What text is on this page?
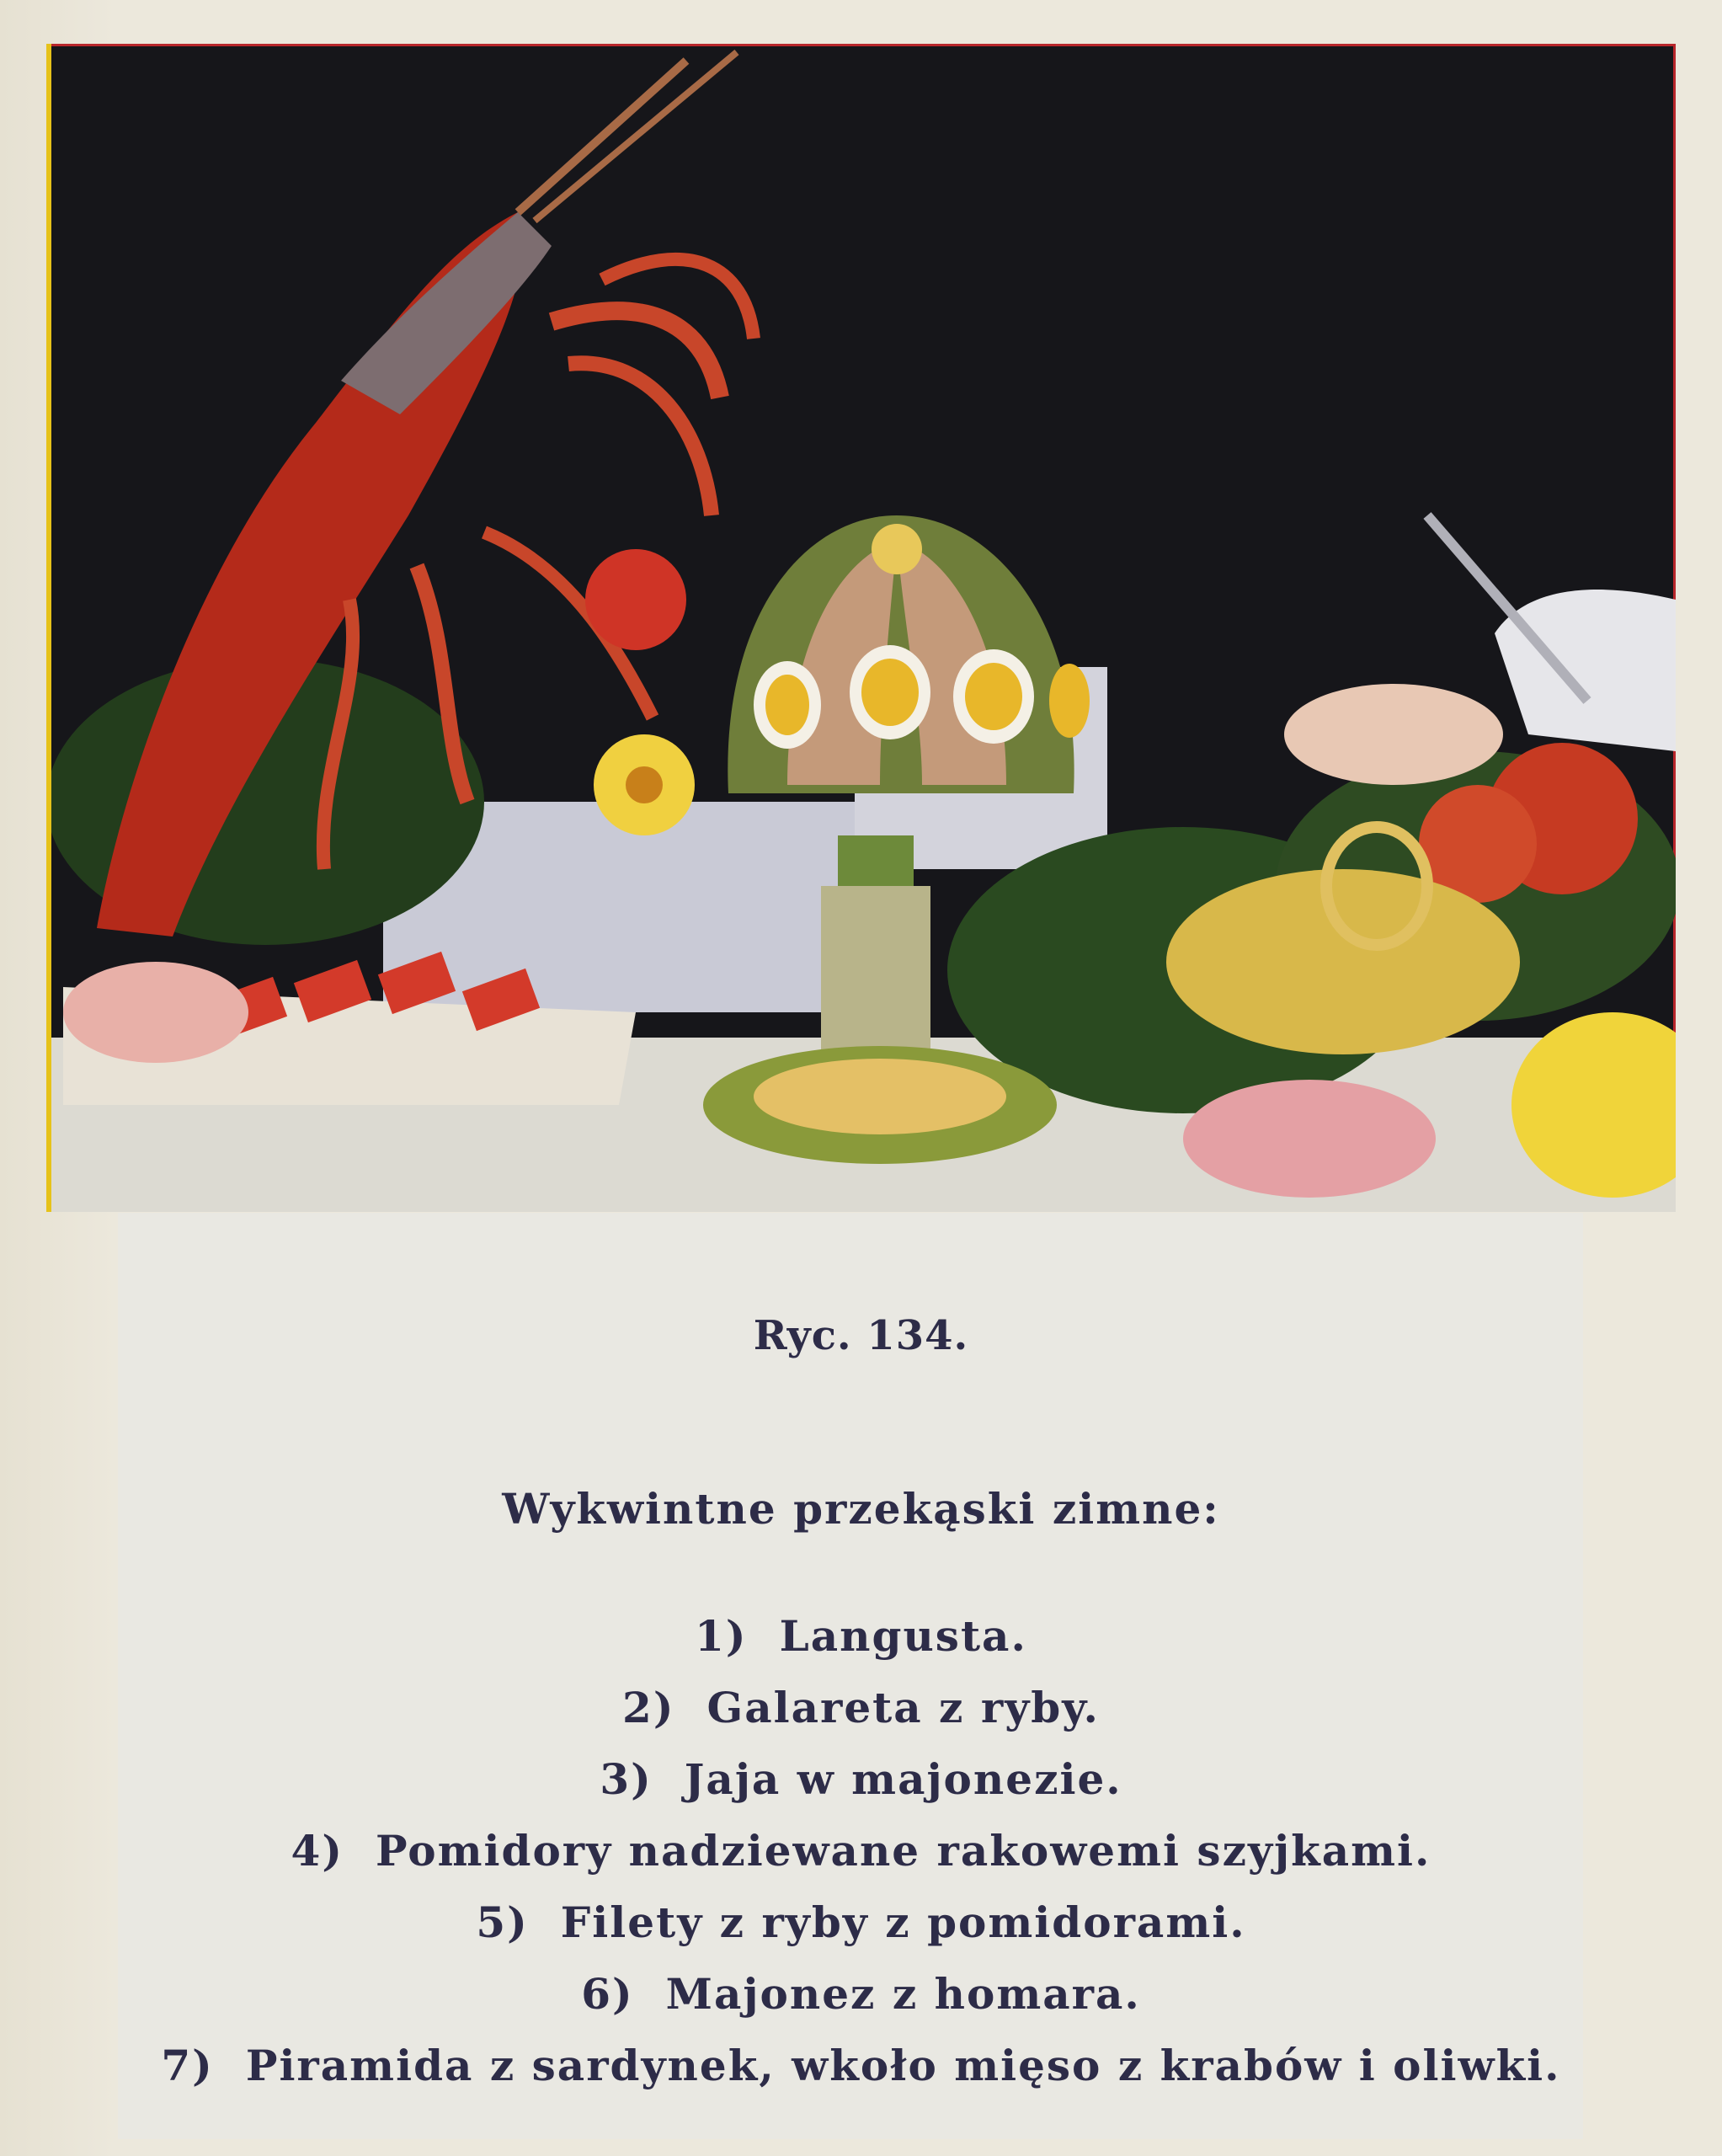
Ryc. 134.
Wykwintne przekąski zimne:
1) Langusta.
2) Galareta z ryby.
3) Jaja w majonezie.
4) Pomidory nadziewane rakowemi szyjkami.
5) Filety z ryby z pomidorami.
6) Majonez z homara.
7) Piramida z sardynek, wkoło mięso z krabów i oliwki.
